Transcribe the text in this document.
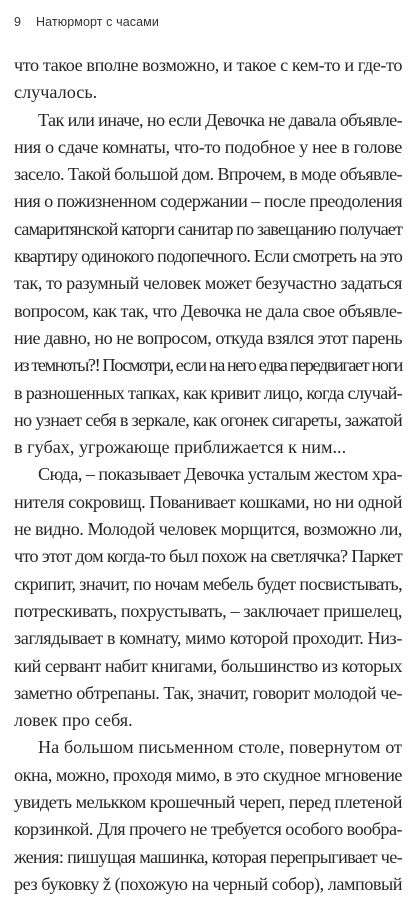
9 Натюрморт с часами
что такое вполне возможно, и такое с кем-то и где-то
случалось.
Так или иначе, но если Девочка не давала объявле-
ния о сдаче комнаты, что-то подобное у нее в голове
засело. Такой большой дом. Впрочем, в моде объявле-
ния о пожизненном содержании – после преодоления
самаритянской каторги санитар по завещанию получает
квартиру одинокого подопечного. Если смотреть на это
так, то разумный человек может безучастно задаться
вопросом, как так, что Девочка не дала свое объявле-
ние давно, но не вопросом, откуда взялся этот парень
из темноты?! Посмотри, если на него едва передвигает ноги
в разношенных тапках, как кривит лицо, когда случай-
но узнает себя в зеркале, как огонек сигареты, зажатой
в губах, угрожающе приближается к ним...
Сюда, – показывает Девочка усталым жестом хра-
нителя сокровищ. Пованивает кошками, но ни одной
не видно. Молодой человек морщится, возможно ли,
что этот дом когда-то был похож на светлячка? Паркет
скрипит, значит, по ночам мебель будет посвистывать,
потрескивать, похрустывать, – заключает пришелец,
заглядывает в комнату, мимо которой проходит. Низ-
кий сервант набит книгами, большинство из которых
заметно обтрепаны. Так, значит, говорит молодой че-
ловек про себя.
На большом письменном столе, повернутом от
окна, можно, проходя мимо, в это скудное мгновение
увидеть мелькком крошечный череп, перед плетеной
корзинкой. Для прочего не требуется особого вообра-
жения: пишущая машинка, которая перепрыгивает че-
рез буковку ž (похожую на черный собор), ламповый
